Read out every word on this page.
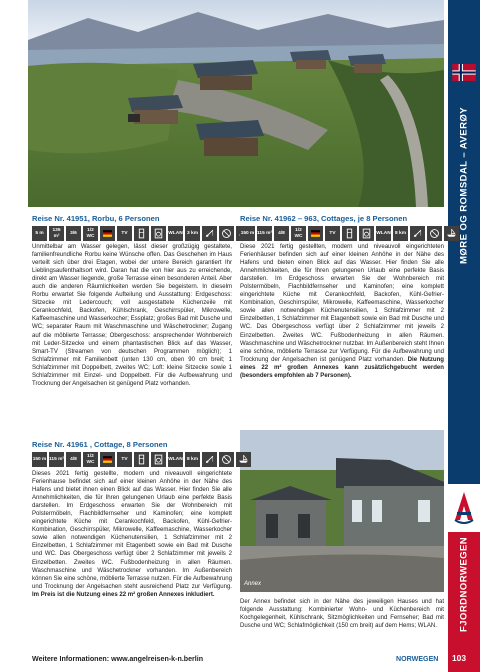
Annex
MØRE OG ROMSDAL – AVERØY
FJORDNORWEGEN
103
Reise Nr. 41951, Rorbu, 6 Personen
5 m
135 m²
3/6
1/2 WC
TV	WLAN 3 km

Unmittelbar am Wasser gelegen, lässt dieser großzügig gestaltete, familienfreundliche Rorbu keine Wünsche offen. Das Geschehen im Haus verteilt sich über drei Etagen, wobei der untere Bereich garantiert Ihr Lieblingsaufenthaltsort wird. Daran hat die von hier aus zu erreichende, direkt am Wasser liegende, große Terrasse einen besonderen Anteil. Aber auch die anderen Räumlichkeiten werden Sie begeistern. In dieselm Rorbu erwartet Sie folgende Aufteilung und Ausstattung: Erdgeschoss: Sitzecke mit Ledercouch; voll ausgestattete Küchenzeile mit Cerankochfeld, Backofen, Kühlschrank, Geschirrspüler, Mikrowelle, Kaffeemaschine und Wasserkocher; Essplatz; großes Bad mit Dusche und WC; separater Raum mit Waschmaschine und Wäschetrockner; Zugang auf die möblierte Terrasse; Obergeschoss: ansprechender Wohnbereich mit Leder-Sitzecke und einem phantastischen Blick auf das Wasser, Smart-TV (Streamen von deutschen Programmen möglich); 1 Schlafzimmer mit Familienbett (unten 130 cm, oben 90 cm breit; 1 Schlafzimmer mit Doppelbett, zweites WC; Loft: kleine Sitzecke sowie 1 Schlafzimmer mit Einzel- und Doppelbett. Für die Aufbewahrung und Trocknung der Angelsachen ist genügend Platz vorhanden.

Reise Nr. 41962 – 963, Cottages, je 8 Personen
150 m 115 m²	4/8
1/2 WC
TV	WLAN 8 km

Diese 2021 fertig gestellten, modern und niveauvoll eingerichteten Ferienhäuser befinden sich auf einer kleinen Anhöhe in der Nähe des Hafens und bieten einen Blick auf das Wasser. Hier finden Sie alle Annehmlichkeiten, die für Ihren gelungenen Urlaub eine perfekte Basis darstellen. Im Erdgeschoss erwarten Sie der Wohnbereich mit Polstermöbeln, Flachbildfernseher und Kaminofen; eine komplett eingerichtete Küche mit Cerankochfeld, Backofen, Kühl-Gefrier-Kombination, Geschirrspüler, Mikrowelle, Kaffeemaschine, Wasserkocher sowie allen notwendigen Küchenutensilien, 1 Schlafzimmer mit 2 Einzelbetten, 1 Schlafzimmer mit Etagenbett sowie ein Bad mit Dusche und WC. Das Obergeschoss verfügt über 2 Schlafzimmer mit jeweils 2 Einzelbetten. Zweites WC. Fußbodenheizung in allen Räumen. Waschmaschine und Wäschetrockner nutzbar. Im Außenbereich steht Ihnen eine schöne, möblierte Terrasse zur Verfügung. Für die Aufbewahrung und Trocknung der Angelsachen ist genügend Platz vorhanden. Die Nutzung eines 22 m² großen Annexes kann zusätzlichgebucht werden (besonders empfohlen ab 7 Personen).

Reise Nr. 41961 , Cottage, 8 Personen
150 m 115 m²	4/8
1/2 WC
TV	WLAN 8 km

Dieses 2021 fertig gestellte, modern und niveauvoll eingerichtete Ferienhause befindet sich auf einer kleinen Anhöhe in der Nähe des Hafens und bietet ihnen einen Blick auf das Wasser. Hier finden Sie alle Annehmlichkeiten, die für Ihren gelungenen Urlaub eine perfekte Basis darstellen. Im Erdgeschoss erwarten Sie der Wohnbereich mit Polstermöbeln, Flachbildfernseher und Kaminofen; eine komplett eingerichtete Küche mit Cerankochfeld, Backofen, Kühl-Gefrier-Kombination, Geschirrspüler, Mikrowelle, Kaffeemaschine, Wasserkocher sowie allen notwendigen Küchenutensilien, 1 Schlafzimmer mit 2 Einzelbetten, 1 Schlafzimmer mit Etagenbett sowie ein Bad mit Dusche und WC. Das Obergeschoss verfügt über 2 Schlafzimmer mit jeweils 2 Einzelbetten. Zweites WC. Fußbodenheizung in allen Räumen. Waschmaschine und Wäschetrockner vorhanden. Im Außenbereich können Sie eine schöne, möblierte Terrasse nutzen. Für die Aufbewahrung und Trocknung der Angelsachen steht ausreichend Platz zur Verfügung. Im Preis ist die Nutzung eines 22 m² großen Annexes inkludiert.

Der Annex befindet sich in der Nähe des jeweiligen Hauses und hat folgende Ausstattung: Kombinierter Wohn- und Küchenbereich mit Kochgelegenheit, Kühlschrank, Sitzmöglichkeiten und Fernseher; Bad mit Dusche und WC; Schlafmöglichkeit (150 cm breit) auf dem Hems; WLAN.

Weitere Informationen: www.angelreisen-k-n.berlin	NORWEGEN
